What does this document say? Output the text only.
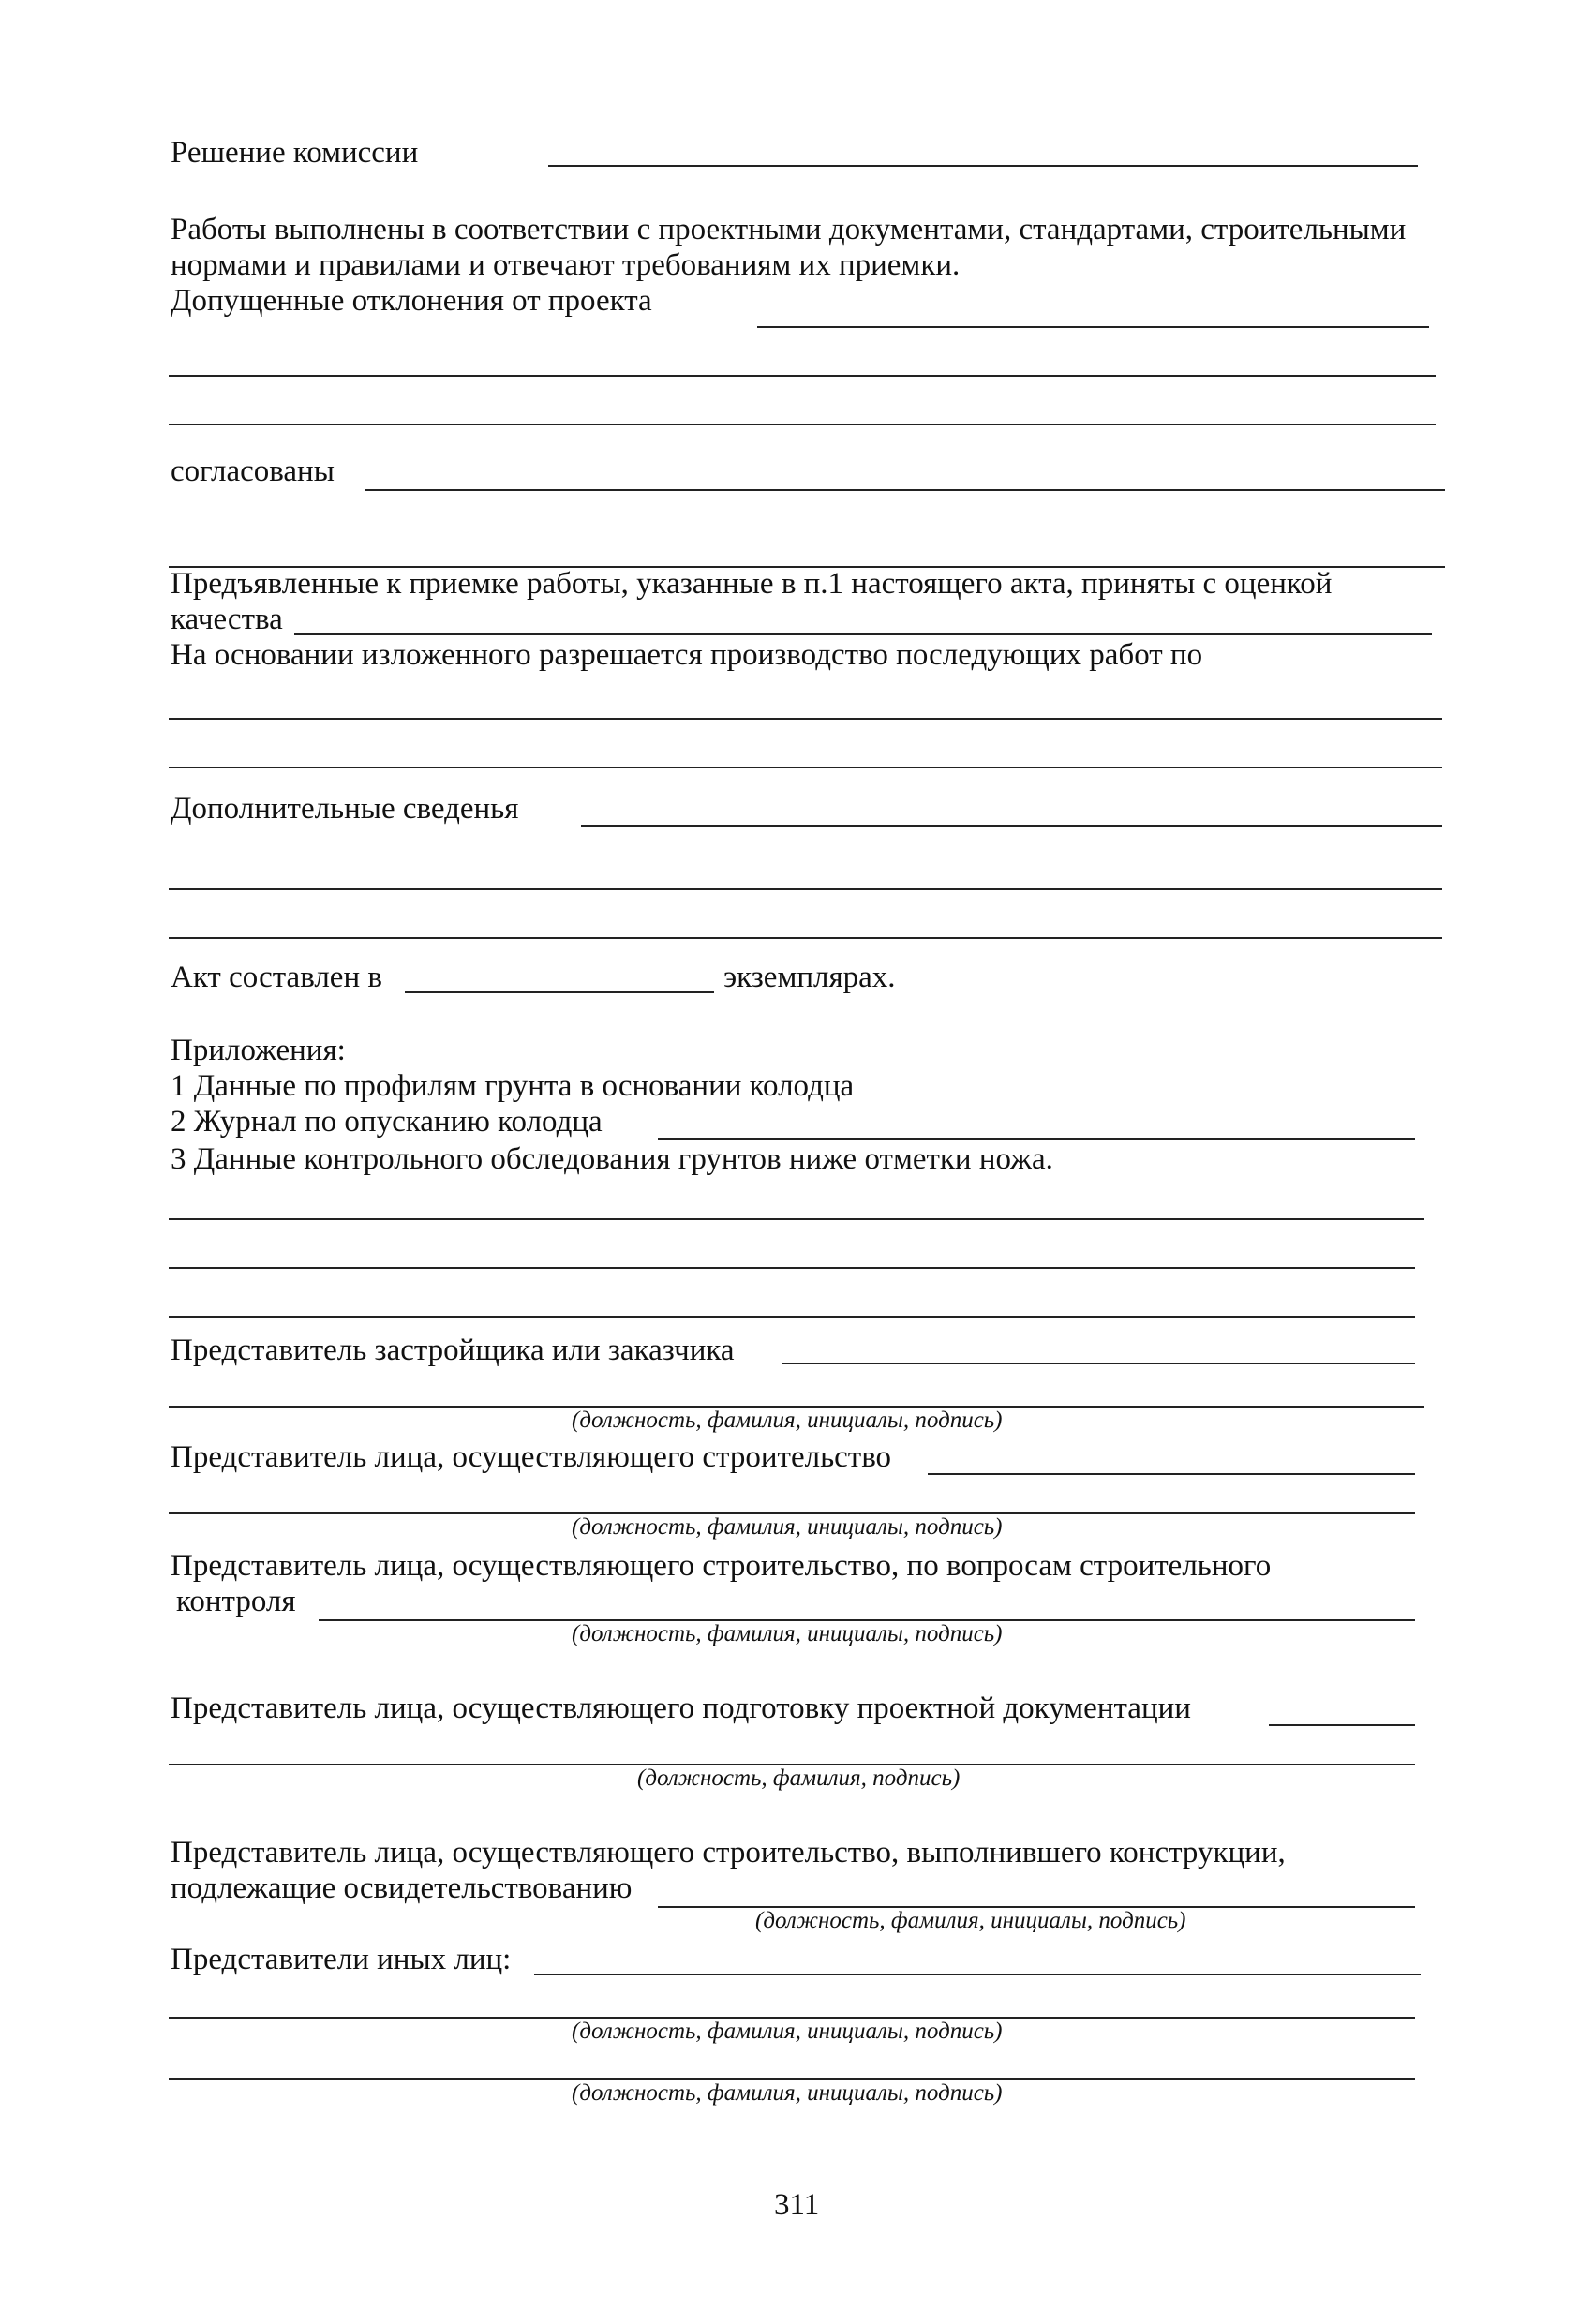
Решение комиссии

Работы выполнены в соответствии с проектными документами, стандартами, строительными

нормами и правилами и отвечают требованиям их приемки.

Допущенные отклонения от проекта

согласованы

Предъявленные к приемке работы, указанные в п.1 настоящего акта, приняты с оценкой

качества

На основании изложенного разрешается производство последующих работ по

Дополнительные сведенья

Акт составлен в	экземплярах.

Приложения:

1 Данные по профилям грунта в основании колодца

2 Журнал по опусканию колодца

3 Данные контрольного обследования грунтов ниже отметки ножа.

Представитель застройщика или заказчика

(должность, фамилия, инициалы, подпись)

Представитель лица, осуществляющего строительство

(должность, фамилия, инициалы, подпись)

Представитель лица, осуществляющего строительство, по вопросам строительного

контроля

(должность, фамилия, инициалы, подпись)

Представитель лица, осуществляющего подготовку проектной документации

(должность, фамилия, подпись)

Представитель лица, осуществляющего строительство, выполнившего конструкции,

подлежащие освидетельствованию

(должность, фамилия, инициалы, подпись)

Представители иных лиц:

(должность, фамилия, инициалы, подпись)

(должность, фамилия, инициалы, подпись)

311
